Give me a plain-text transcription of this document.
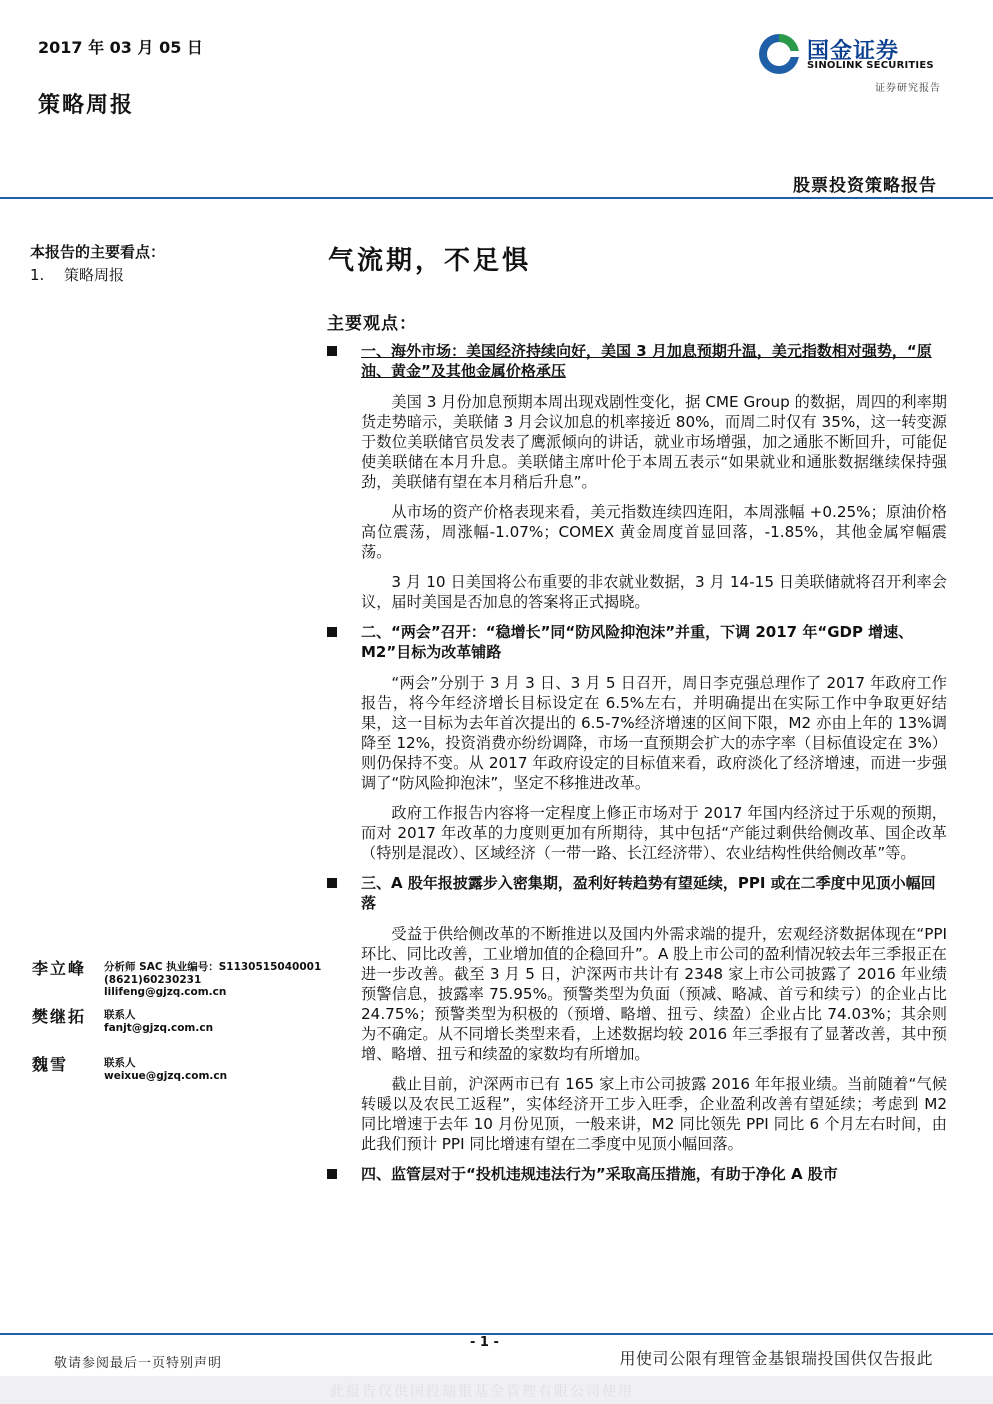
2017 年 03 月 05 日
策略周报
国金证券
SINOLINK SECURITIES
证券研究报告
股票投资策略报告
本报告的主要看点：
1. 策略周报	气流期，不足惧
主要观点：
一、海外市场：美国经济持续向好，美国 3 月加息预期升温，美元指数相对强势，“原油、黄金”及其他金属价格承压

美国 3 月份加息预期本周出现戏剧性变化，据 CME Group 的数据，周四的利率期货走势暗示，美联储 3 月会议加息的机率接近 80%，而周二时仅有 35%，这一转变源于数位美联储官员发表了鹰派倾向的讲话，就业市场增强，加之通胀不断回升，可能促使美联储在本月升息。美联储主席叶伦于本周五表示“如果就业和通胀数据继续保持强劲，美联储有望在本月稍后升息”。

从市场的资产价格表现来看，美元指数连续四连阳，本周涨幅 +0.25%；原油价格高位震荡，周涨幅-1.07%；COMEX 黄金周度首显回落，-1.85%，其他金属窄幅震荡。

3 月 10 日美国将公布重要的非农就业数据，3 月 14-15 日美联储就将召开利率会议，届时美国是否加息的答案将正式揭晓。

二、“两会”召开：“稳增长”同“防风险抑泡沫”并重，下调 2017 年“GDP 增速、M2”目标为改革铺路

“两会”分别于 3 月 3 日、3 月 5 日召开，周日李克强总理作了 2017 年政府工作报告，将今年经济增长目标设定在 6.5%左右，并明确提出在实际工作中争取更好结果，这一目标为去年首次提出的 6.5-7%经济增速的区间下限，M2 亦由上年的 13%调降至 12%，投资消费亦纷纷调降，市场一直预期会扩大的赤字率（目标值设定在 3%）则仍保持不变。从 2017 年政府设定的目标值来看，政府淡化了经济增速，而进一步强调了“防风险抑泡沫”，坚定不移推进改革。

政府工作报告内容将一定程度上修正市场对于 2017 年国内经济过于乐观的预期，而对 2017 年改革的力度则更加有所期待，其中包括“产能过剩供给侧改革、国企改革（特别是混改）、区域经济（一带一路、长江经济带）、农业结构性供给侧改革”等。

三、A 股年报披露步入密集期，盈利好转趋势有望延续，PPI 或在二季度中见顶小幅回落

受益于供给侧改革的不断推进以及国内外需求端的提升，宏观经济数据体现在“PPI 环比、同比改善，工业增加值的企稳回升”。A 股上市公司的盈利情况较去年三季报正在进一步改善。截至 3 月 5 日，沪深两市共计有 2348 家上市公司披露了 2016 年业绩预警信息，披露率 75.95%。预警类型为负面（预减、略减、首亏和续亏）的企业占比 24.75%；预警类型为积极的（预增、略增、扭亏、续盈）企业占比 74.03%；其余则为不确定。从不同增长类型来看，上述数据均较 2016 年三季报有了显著改善，其中预增、略增、扭亏和续盈的家数均有所增加。

截止目前，沪深两市已有 165 家上市公司披露 2016 年年报业绩。当前随着“气候转暖以及农民工返程”，实体经济开工步入旺季，企业盈利改善有望延续；考虑到 M2 同比增速于去年 10 月份见顶，一般来讲，M2 同比领先 PPI 同比 6 个月左右时间，由此我们预计 PPI 同比增速有望在二季度中见顶小幅回落。

四、监管层对于“投机违规违法行为”采取高压措施，有助于净化 A 股市
李立峰 分析师 SAC 执业编号：S1130515040001
(8621)60230231
lilifeng@gjzq.com.cn
樊继拓 联系人
fanjt@gjzq.com.cn
魏雪	联系人
weixue@gjzq.com.cn
- 1 -
敬请参阅最后一页特别声明	用使司公限有理管金基银瑞投国供仅告报此
此报告仅供国投瑞银基金管理有限公司使用
